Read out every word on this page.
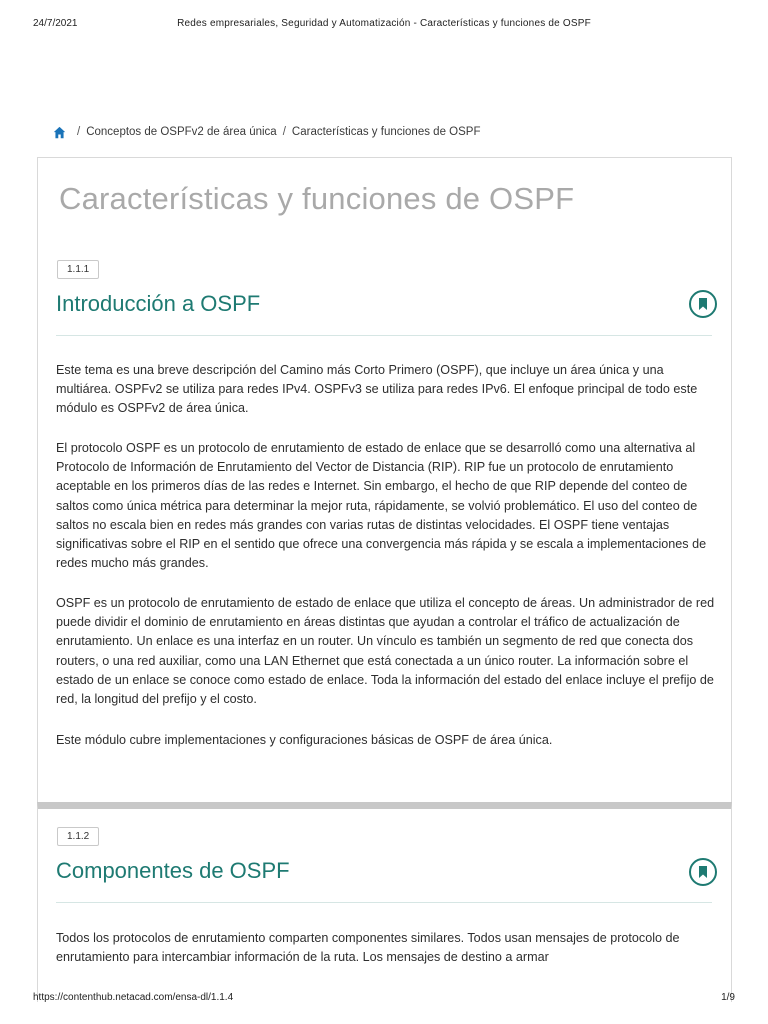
24/7/2021	Redes empresariales, Seguridad y Automatización - Características y funciones de OSPF
/ Conceptos de OSPFv2 de área única / Características y funciones de OSPF
Características y funciones de OSPF
1.1.1
Introducción a OSPF

Este tema es una breve descripción del Camino más Corto Primero (OSPF), que incluye un área única y una multiárea. OSPFv2 se utiliza para redes IPv4. OSPFv3 se utiliza para redes IPv6. El enfoque principal de todo este módulo es OSPFv2 de área única.

El protocolo OSPF es un protocolo de enrutamiento de estado de enlace que se desarrolló como una alternativa al Protocolo de Información de Enrutamiento del Vector de Distancia (RIP). RIP fue un protocolo de enrutamiento aceptable en los primeros días de las redes e Internet. Sin embargo, el hecho de que RIP depende del conteo de saltos como única métrica para determinar la mejor ruta, rápidamente, se volvió problemático. El uso del conteo de saltos no escala bien en redes más grandes con varias rutas de distintas velocidades. El OSPF tiene ventajas significativas sobre el RIP en el sentido que ofrece una convergencia más rápida y se escala a implementaciones de redes mucho más grandes.

OSPF es un protocolo de enrutamiento de estado de enlace que utiliza el concepto de áreas. Un administrador de red puede dividir el dominio de enrutamiento en áreas distintas que ayudan a controlar el tráfico de actualización de enrutamiento. Un enlace es una interfaz en un router. Un vínculo es también un segmento de red que conecta dos routers, o una red auxiliar, como una LAN Ethernet que está conectada a un único router. La información sobre el estado de un enlace se conoce como estado de enlace. Toda la información del estado del enlace incluye el prefijo de red, la longitud del prefijo y el costo.

Este módulo cubre implementaciones y configuraciones básicas de OSPF de área única.

1.1.2
Componentes de OSPF

Todos los protocolos de enrutamiento comparten componentes similares. Todos usan mensajes de protocolo de enrutamiento para intercambiar información de la ruta. Los mensajes de destino a armar

https://contenthub.netacad.com/ensa-dl/1.1.4	1/9
